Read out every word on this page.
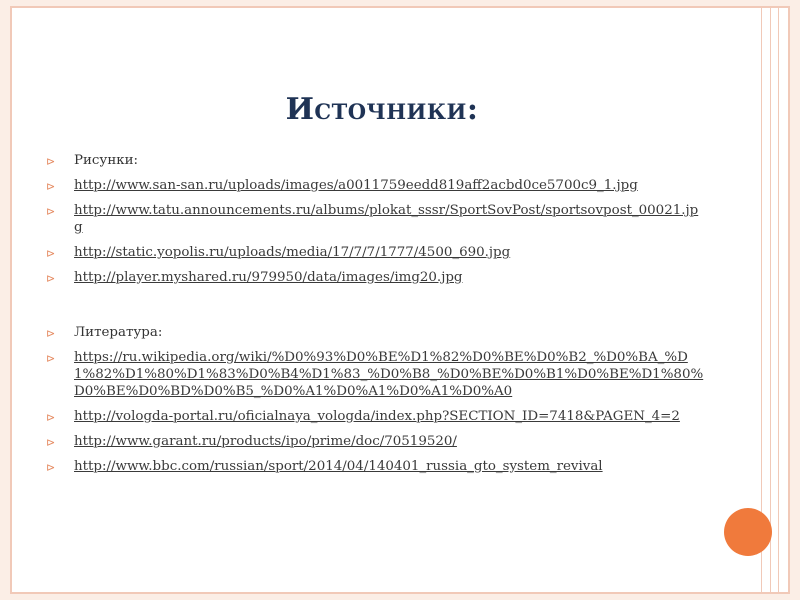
Источники:
⊳ Рисунки:
⊳ http://www.san-san.ru/uploads/images/a0011759eedd819aff2acbd0ce5700c9_1.jpg
⊳ http://www.tatu.announcements.ru/albums/plokat_sssr/SportSovPost/sportsovpost_00021.jpg
⊳ http://static.yopolis.ru/uploads/media/17/7/7/1777/4500_690.jpg
⊳ http://player.myshared.ru/979950/data/images/img20.jpg
⊳ Литература:
⊳ https://ru.wikipedia.org/wiki/%D0%93%D0%BE%D1%82%D0%BE%D0%B2_%D0%BA_%D1%82%D1%80%D1%83%D0%B4%D1%83_%D0%B8_%D0%BE%D0%B1%D0%BE%D1%80%D0%BE%D0%BD%D0%B5_%D0%A1%D0%A1%D0%A1%D0%A0
⊳ http://vologda-portal.ru/oficialnaya_vologda/index.php?SECTION_ID=7418&PAGEN_4=2
⊳ http://www.garant.ru/products/ipo/prime/doc/70519520/
⊳ http://www.bbc.com/russian/sport/2014/04/140401_russia_gto_system_revival
